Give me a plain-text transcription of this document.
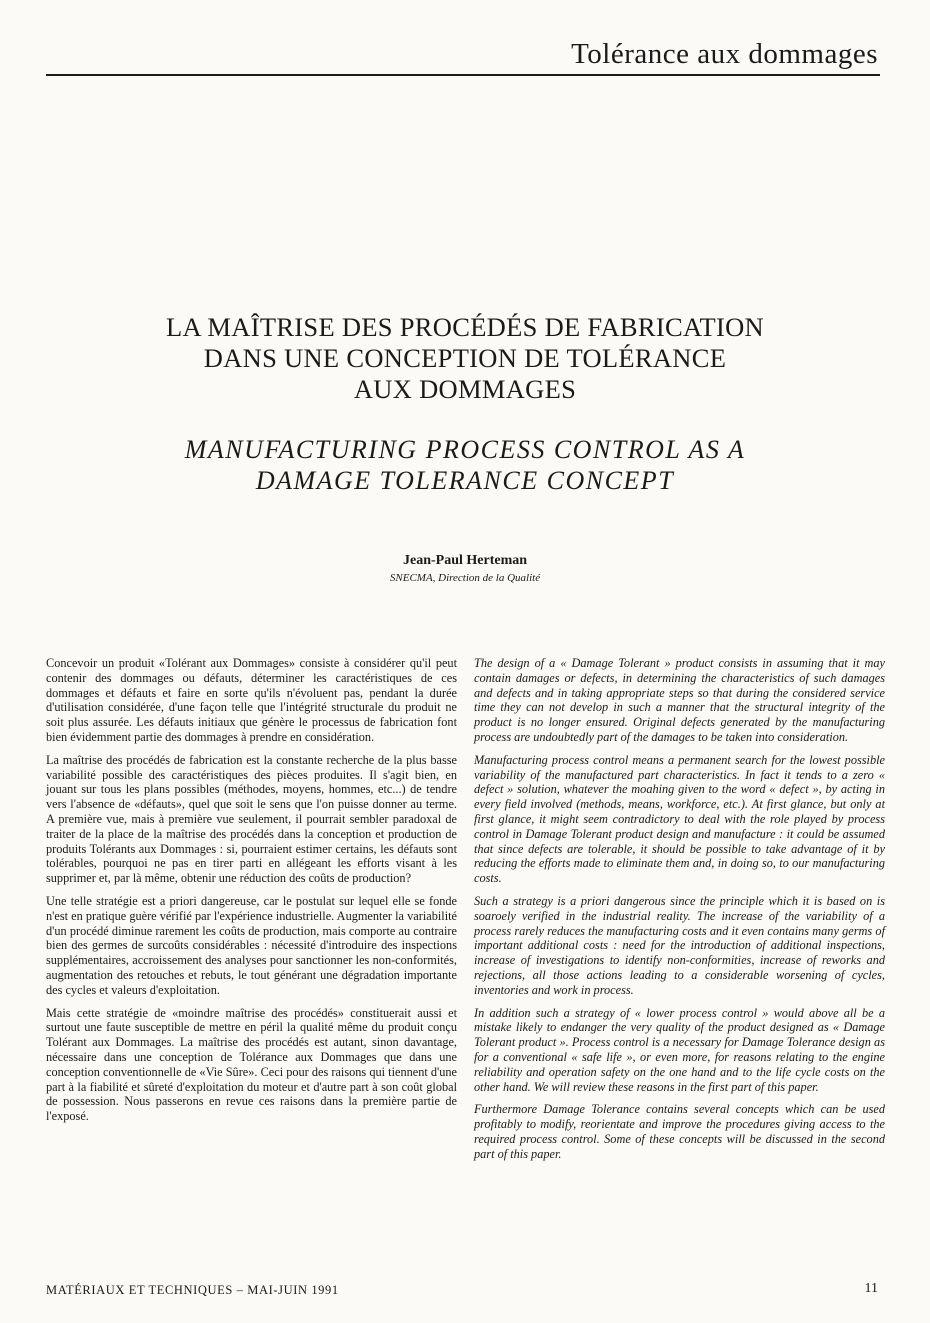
Tolérance aux dommages
LA MAÎTRISE DES PROCÉDÉS DE FABRICATION
DANS UNE CONCEPTION DE TOLÉRANCE
AUX DOMMAGES
MANUFACTURING PROCESS CONTROL AS A
DAMAGE TOLERANCE CONCEPT
Jean-Paul Herteman
SNECMA, Direction de la Qualité

Concevoir un produit «Tolérant aux Dommages» consiste à considérer qu'il peut contenir des dommages ou défauts, déterminer les caractéristiques de ces dommages et défauts et faire en sorte qu'ils n'évoluent pas, pendant la durée d'utilisation considérée, d'une façon telle que l'intégrité structurale du produit ne soit plus assurée. Les défauts initiaux que génère le processus de fabrication font bien évidemment partie des dommages à prendre en considération.

La maîtrise des procédés de fabrication est la constante recherche de la plus basse variabilité possible des caractéristiques des pièces produites. Il s'agit bien, en jouant sur tous les plans possibles (méthodes, moyens, hommes, etc...) de tendre vers l'absence de «défauts», quel que soit le sens que l'on puisse donner au terme. A première vue, mais à première vue seulement, il pourrait sembler paradoxal de traiter de la place de la maîtrise des procédés dans la conception et production de produits Tolérants aux Dommages : si, pourraient estimer certains, les défauts sont tolérables, pourquoi ne pas en tirer parti en allégeant les efforts visant à les supprimer et, par là même, obtenir une réduction des coûts de production?

Une telle stratégie est a priori dangereuse, car le postulat sur lequel elle se fonde n'est en pratique guère vérifié par l'expérience industrielle. Augmenter la variabilité d'un procédé diminue rarement les coûts de production, mais comporte au contraire bien des germes de surcoûts considérables : nécessité d'introduire des inspections supplémentaires, accroissement des analyses pour sanctionner les non-conformités, augmentation des retouches et rebuts, le tout générant une dégradation importante des cycles et valeurs d'exploitation.

Mais cette stratégie de «moindre maîtrise des procédés» constituerait aussi et surtout une faute susceptible de mettre en péril la qualité même du produit conçu Tolérant aux Dommages. La maîtrise des procédés est autant, sinon davantage, nécessaire dans une conception de Tolérance aux Dommages que dans une conception conventionnelle de «Vie Sûre». Ceci pour des raisons qui tiennent d'une part à la fiabilité et sûreté d'exploitation du moteur et d'autre part à son coût global de possession. Nous passerons en revue ces raisons dans la première partie de l'exposé.

The design of a « Damage Tolerant » product consists in assuming that it may contain damages or defects, in determining the characteristics of such damages and defects and in taking appropriate steps so that during the considered service time they can not develop in such a manner that the structural integrity of the product is no longer ensured. Original defects generated by the manufacturing process are undoubtedly part of the damages to be taken into consideration.

Manufacturing process control means a permanent search for the lowest possible variability of the manufactured part characteristics. In fact it tends to a zero « defect » solution, whatever the moahing given to the word « defect », by acting in every field involved (methods, means, workforce, etc.). At first glance, but only at first glance, it might seem contradictory to deal with the role played by process control in Damage Tolerant product design and manufacture : it could be assumed that since defects are tolerable, it should be possible to take advantage of it by reducing the efforts made to eliminate them and, in doing so, to our manufacturing costs.

Such a strategy is a priori dangerous since the principle which it is based on is soaroely verified in the industrial reality. The increase of the variability of a process rarely reduces the manufacturing costs and it even contains many germs of important additional costs : need for the introduction of additional inspections, increase of investigations to identify non-conformities, increase of reworks and rejections, all those actions leading to a considerable worsening of cycles, inventories and work in process.

In addition such a strategy of « lower process control » would above all be a mistake likely to endanger the very quality of the product designed as « Damage Tolerant product ». Process control is a necessary for Damage Tolerance design as for a conventional « safe life », or even more, for reasons relating to the engine reliability and operation safety on the one hand and to the life cycle costs on the other hand. We will review these reasons in the first part of this paper.

Furthermore Damage Tolerance contains several concepts which can be used profitably to modify, reorientate and improve the procedures giving access to the required process control. Some of these concepts will be discussed in the second part of this paper.

MATÉRIAUX ET TECHNIQUES – MAI-JUIN 1991	11
